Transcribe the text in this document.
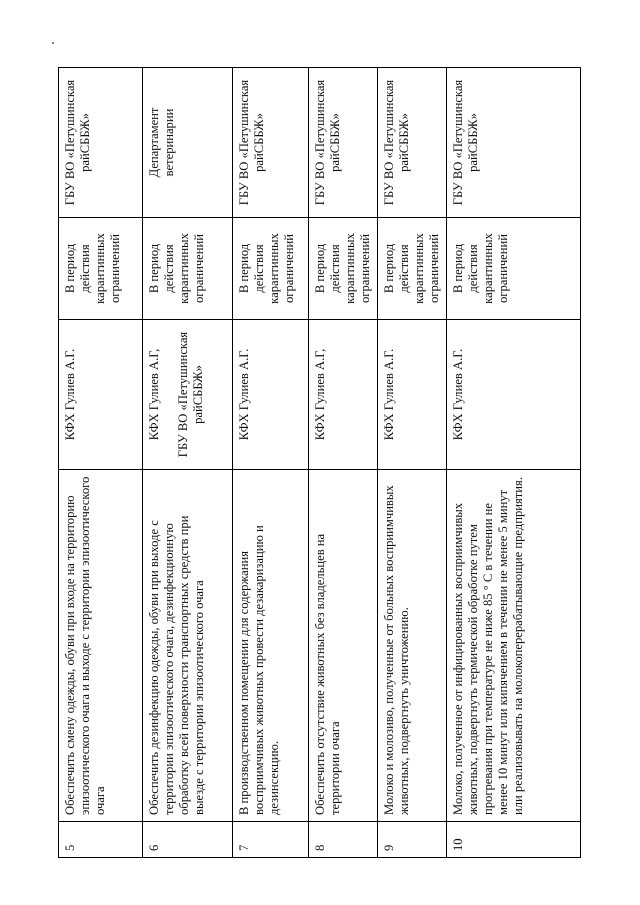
5	Обеспечить смену одежды, обуви при входе на территорию эпизоотического очага и выходе с территории эпизоотического очага	КФХ Гулиев А.Г.	В период действия карантинных ограничений	ГБУ ВО «Петушинская райСББЖ»
6	Обеспечить дезинфекцию одежды, обуви при выходе с территории эпизоотического очага, дезинфекционную обработку всей поверхности транспортных средств при выезде с территории эпизоотического очага	КФХ Гулиев А.Г, ГБУ ВО «Петушинская райСББЖ»	В период действия карантинных ограничений	Департамент ветеринарии
7	В производственном помещении для содержания восприимчивых животных провести дезакаризацию и дезинсекцию.	КФХ Гулиев А.Г.	В период действия карантинных ограничений	ГБУ ВО «Петушинская райСББЖ»
8	Обеспечить отсутствие животных без владельцев на территории очага	КФХ Гулиев А.Г,	В период действия карантинных ограничений	ГБУ ВО «Петушинская райСББЖ»
9	Молоко и молозиво, полученные от больных восприимчивых животных, подвергнуть уничтожению.	КФХ Гулиев А.Г.	В период действия карантинных ограничений	ГБУ ВО «Петушинская райСББЖ»
10	Молоко, полученное от инфицированных восприимчивых животных, подвергнуть термической обработке путем прогревания при температуре не ниже 85 ° С в течении не менее 10 минут или кипячением в течении не менее 5 минут или реализовывать на молокоперерабатывающие предприятия.	КФХ Гулиев А.Г.	В период действия карантинных ограничений	ГБУ ВО «Петушинская райСББЖ»
